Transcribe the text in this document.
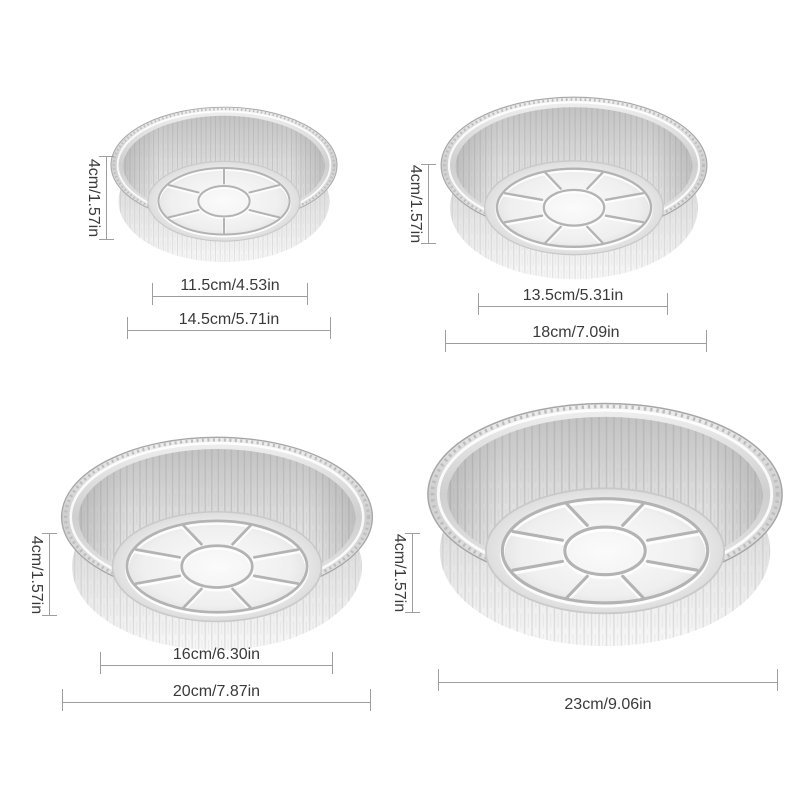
4cm/1.57in
11.5cm/4.53in
14.5cm/5.71in
4cm/1.57in
13.5cm/5.31in
18cm/7.09in
4cm/1.57in
16cm/6.30in
20cm/7.87in
4cm/1.57in
23cm/9.06in
